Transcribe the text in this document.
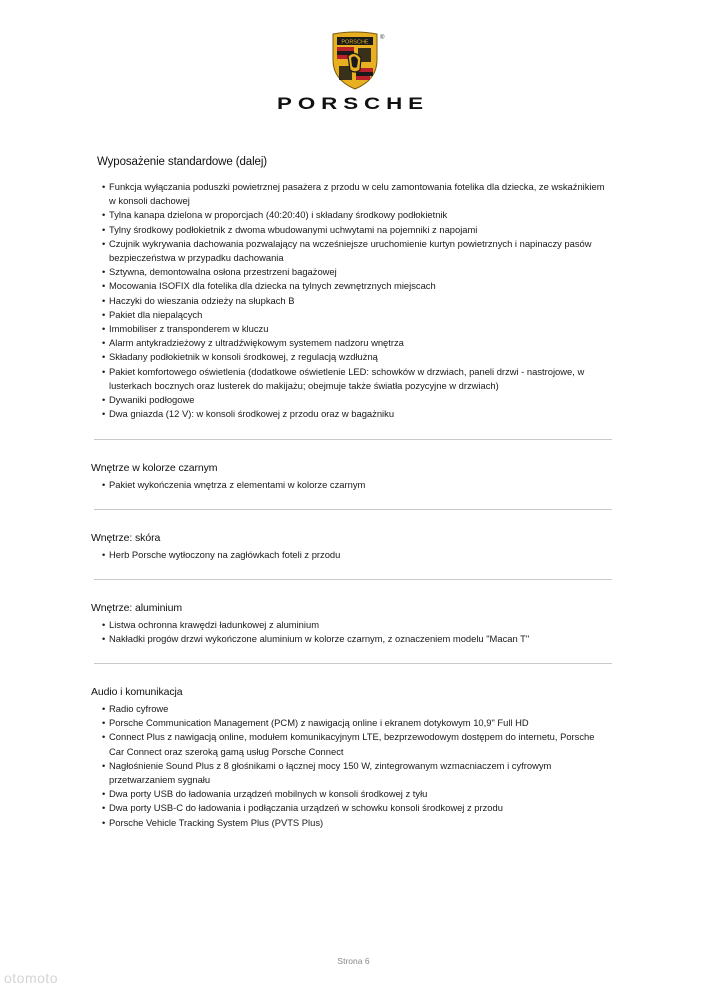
PORSCHE
®
PORSCHE
Wyposażenie standardowe (dalej)
• Funkcja wyłączania poduszki powietrznej pasażera z przodu w celu zamontowania fotelika dla dziecka, ze wskaźnikiem w konsoli dachowej
• Tylna kanapa dzielona w proporcjach (40:20:40) i składany środkowy podłokietnik
• Tylny środkowy podłokietnik z dwoma wbudowanymi uchwytami na pojemniki z napojami
• Czujnik wykrywania dachowania pozwalający na wcześniejsze uruchomienie kurtyn powietrznych i napinaczy pasów bezpieczeństwa w przypadku dachowania
• Sztywna, demontowalna osłona przestrzeni bagażowej
• Mocowania ISOFIX dla fotelika dla dziecka na tylnych zewnętrznych miejscach
• Haczyki do wieszania odzieży na słupkach B
• Pakiet dla niepalących
• Immobiliser z transponderem w kluczu
• Alarm antykradzieżowy z ultradźwiękowym systemem nadzoru wnętrza
• Składany podłokietnik w konsoli środkowej, z regulacją wzdłużną
• Pakiet komfortowego oświetlenia (dodatkowe oświetlenie LED: schowków w drzwiach, paneli drzwi - nastrojowe, w lusterkach bocznych oraz lusterek do makijażu; obejmuje także światła pozycyjne w drzwiach)
• Dywaniki podłogowe
• Dwa gniazda (12 V): w konsoli środkowej z przodu oraz w bagażniku
Wnętrze w kolorze czarnym
• Pakiet wykończenia wnętrza z elementami w kolorze czarnym
Wnętrze: skóra
• Herb Porsche wytłoczony na zagłówkach foteli z przodu
Wnętrze: aluminium
• Listwa ochronna krawędzi ładunkowej z aluminium
• Nakładki progów drzwi wykończone aluminium w kolorze czarnym, z oznaczeniem modelu "Macan T"
Audio i komunikacja
• Radio cyfrowe
• Porsche Communication Management (PCM) z nawigacją online i ekranem dotykowym 10,9" Full HD
• Connect Plus z nawigacją online, modułem komunikacyjnym LTE, bezprzewodowym dostępem do internetu, Porsche Car Connect oraz szeroką gamą usług Porsche Connect
• Nagłośnienie Sound Plus z 8 głośnikami o łącznej mocy 150 W, zintegrowanym wzmacniaczem i cyfrowym przetwarzaniem sygnału
• Dwa porty USB do ładowania urządzeń mobilnych w konsoli środkowej z tyłu
• Dwa porty USB-C do ładowania i podłączania urządzeń w schowku konsoli środkowej z przodu
• Porsche Vehicle Tracking System Plus (PVTS Plus)
Strona 6
otomoto
